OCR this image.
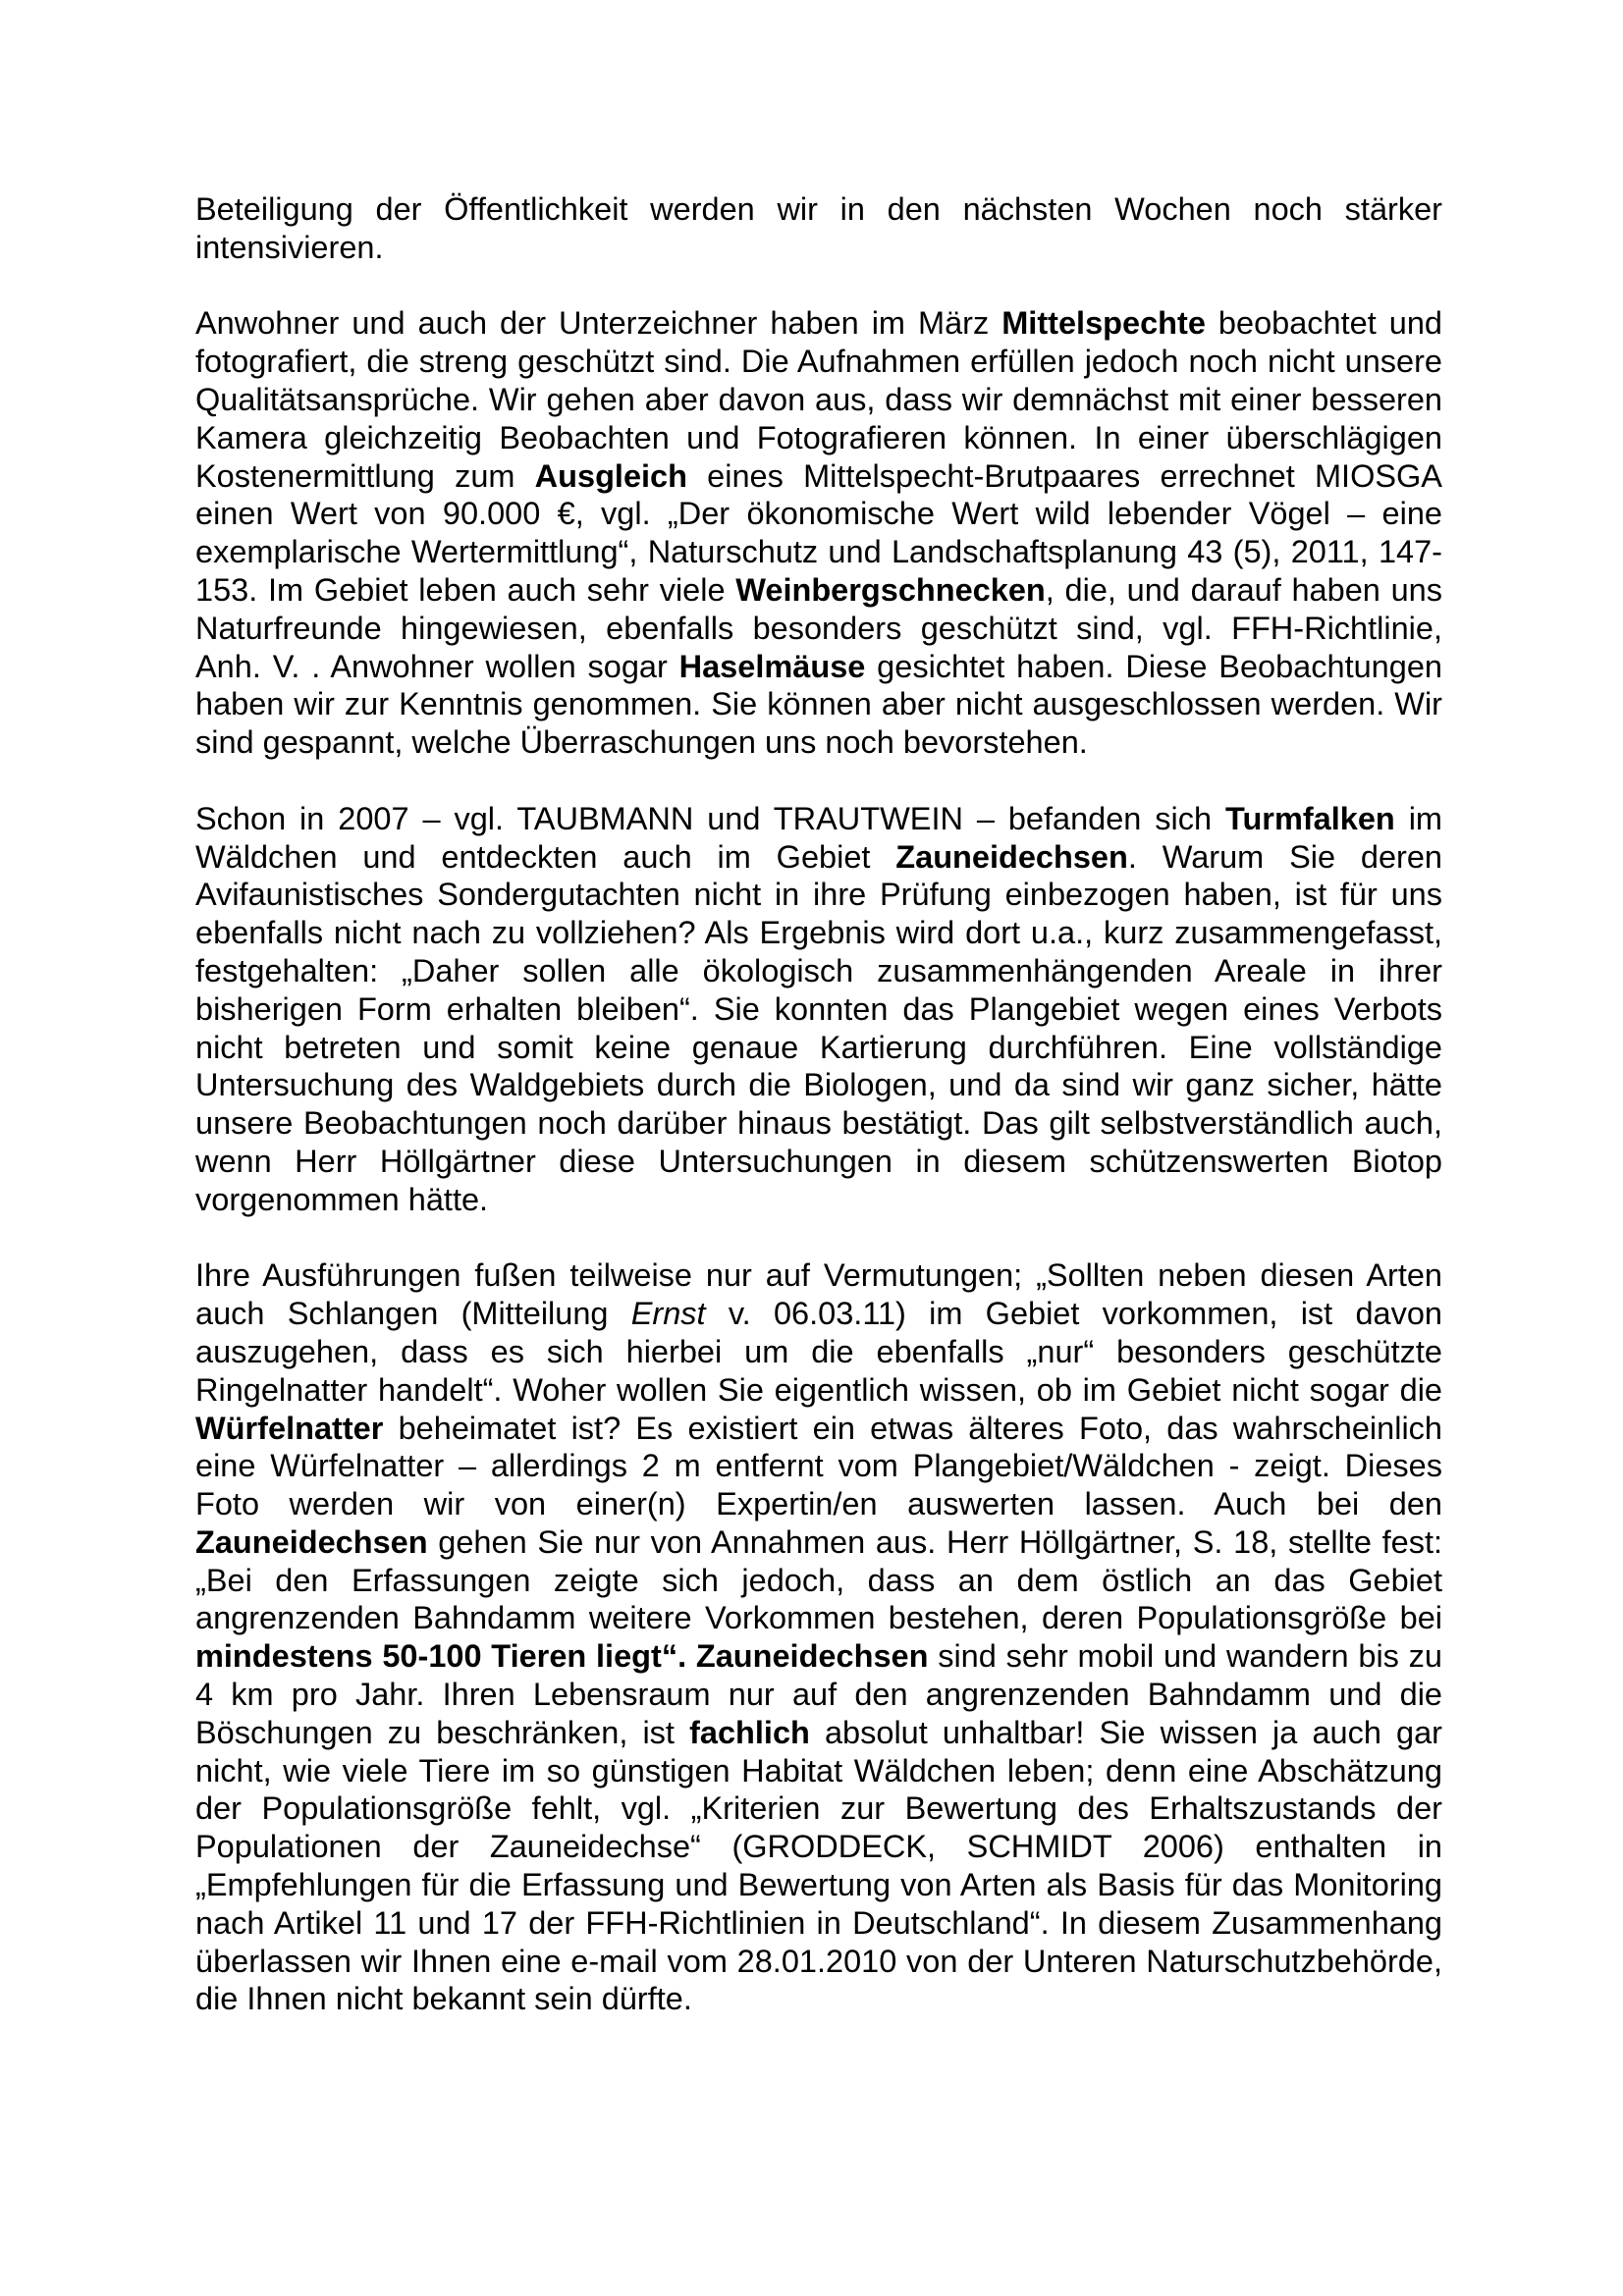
Beteiligung der Öffentlichkeit werden wir in den nächsten Wochen noch stärker intensivieren.
Anwohner und auch der Unterzeichner haben im März Mittelspechte beobachtet und fotografiert, die streng geschützt sind. Die Aufnahmen erfüllen jedoch noch nicht unsere Qualitätsansprüche. Wir gehen aber davon aus, dass wir demnächst mit einer besseren Kamera gleichzeitig Beobachten und Fotografieren können. In einer überschlägigen Kostenermittlung zum Ausgleich eines Mittelspecht-Brutpaares errechnet MIOSGA einen Wert von 90.000 €, vgl. „Der ökonomische Wert wild lebender Vögel – eine exemplarische Wertermittlung“, Naturschutz und Landschaftsplanung 43 (5), 2011, 147-153. Im Gebiet leben auch sehr viele Weinbergschnecken, die, und darauf haben uns Naturfreunde hingewiesen, ebenfalls besonders geschützt sind, vgl. FFH-Richtlinie, Anh. V. . Anwohner wollen sogar Haselmäuse gesichtet haben. Diese Beobachtungen haben wir zur Kenntnis genommen. Sie können aber nicht ausgeschlossen werden. Wir sind gespannt, welche Überraschungen uns noch bevorstehen.
Schon in 2007 – vgl. TAUBMANN und TRAUTWEIN – befanden sich Turmfalken im Wäldchen und entdeckten auch im Gebiet Zauneidechsen. Warum Sie deren Avifaunistisches Sondergutachten nicht in ihre Prüfung einbezogen haben, ist für uns ebenfalls nicht nach zu vollziehen? Als Ergebnis wird dort u.a., kurz zusammengefasst, festgehalten: „Daher sollen alle ökologisch zusammenhängenden Areale in ihrer bisherigen Form erhalten bleiben“. Sie konnten das Plangebiet wegen eines Verbots nicht betreten und somit keine genaue Kartierung durchführen. Eine vollständige Untersuchung des Waldgebiets durch die Biologen, und da sind wir ganz sicher, hätte unsere Beobachtungen noch darüber hinaus bestätigt. Das gilt selbstverständlich auch, wenn Herr Höllgärtner diese Untersuchungen in diesem schützenswerten Biotop vorgenommen hätte.
Ihre Ausführungen fußen teilweise nur auf Vermutungen; „Sollten neben diesen Arten auch Schlangen (Mitteilung Ernst v. 06.03.11) im Gebiet vorkommen, ist davon auszugehen, dass es sich hierbei um die ebenfalls „nur“ besonders geschützte Ringelnatter handelt“. Woher wollen Sie eigentlich wissen, ob im Gebiet nicht sogar die Würfelnatter beheimatet ist? Es existiert ein etwas älteres Foto, das wahrscheinlich eine Würfelnatter – allerdings 2 m entfernt vom Plangebiet/Wäldchen - zeigt. Dieses Foto werden wir von einer(n) Expertin/en auswerten lassen. Auch bei den Zauneidechsen gehen Sie nur von Annahmen aus. Herr Höllgärtner, S. 18, stellte fest: „Bei den Erfassungen zeigte sich jedoch, dass an dem östlich an das Gebiet angrenzenden Bahndamm weitere Vorkommen bestehen, deren Populationsgröße bei mindestens 50-100 Tieren liegt“. Zauneidechsen sind sehr mobil und wandern bis zu 4 km pro Jahr. Ihren Lebensraum nur auf den angrenzenden Bahndamm und die Böschungen zu beschränken, ist fachlich absolut unhaltbar! Sie wissen ja auch gar nicht, wie viele Tiere im so günstigen Habitat Wäldchen leben; denn eine Abschätzung der Populationsgröße fehlt, vgl. „Kriterien zur Bewertung des Erhaltszustands der Populationen der Zauneidechse“ (GRODDECK, SCHMIDT 2006) enthalten in „Empfehlungen für die Erfassung und Bewertung von Arten als Basis für das Monitoring nach Artikel 11 und 17 der FFH-Richtlinien in Deutschland“. In diesem Zusammenhang überlassen wir Ihnen eine e-mail vom 28.01.2010 von der Unteren Naturschutzbehörde, die Ihnen nicht bekannt sein dürfte.
